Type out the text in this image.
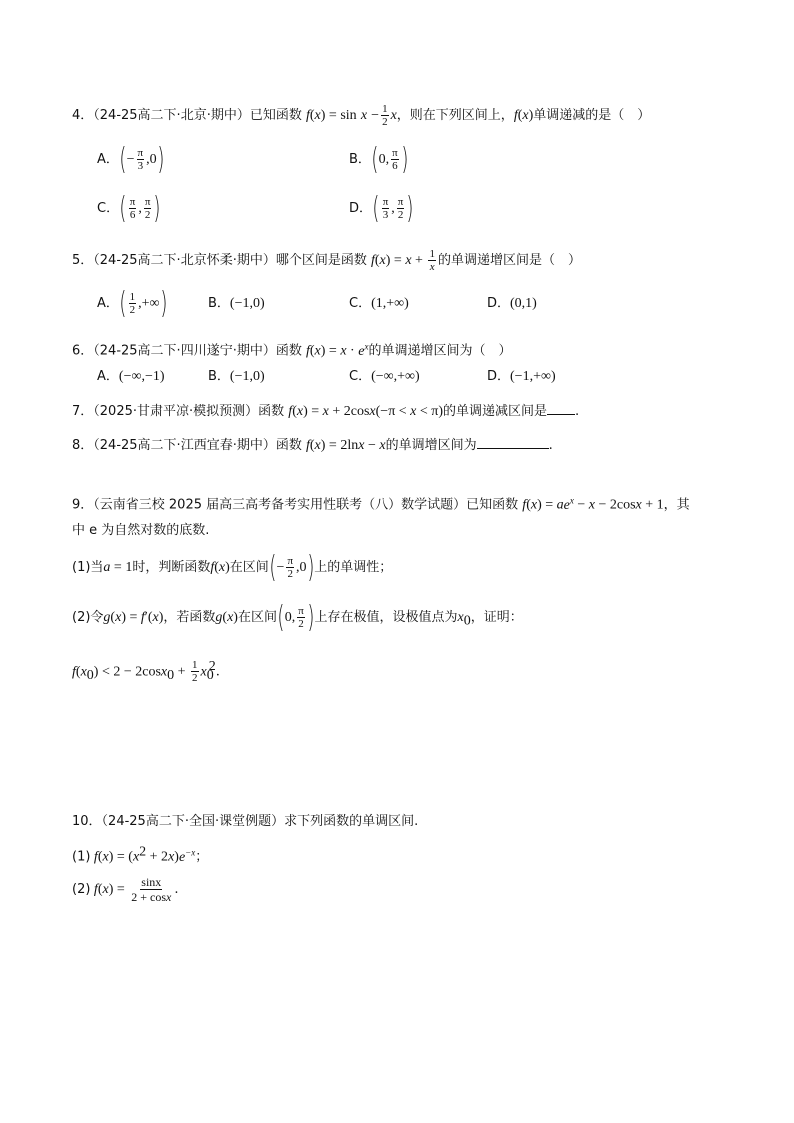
4．（24-25高二下·北京·期中）已知函数 $f(x) = \sin x - \frac{1}{2}$ x，则在下列区间上，f(x)单调递减的是（　）
A．(− $\frac{\pi}{3} ,0$)	B．(0, $\frac{\pi}{6}$ )
C．( $\frac{\pi}{6}$ , $\frac{\pi}{2}$ )	D．( $\frac{\pi}{3}$ , $\frac{\pi}{2}$ )
5．（24-25高二下·北京怀柔·期中）哪个区间是函数 $f(x) = x + \frac{1}{x}$ 的单调递增区间是（　）
A．( $\frac{1}{2}$ ,+∞)	B．(−1,0)	C．(1,+∞)	D．(0,1)
6．（24-25高二下·四川遂宁·期中）函数 $f(x) = x \cdot e^x$的单调递增区间为（　）
A．(−∞,−1)	B．(−1,0)	C．(−∞,+∞)	D．(−1,+∞)
7．（2025·甘肃平凉·模拟预测）函数 f(x) = x + 2cosx(−π < x < π)的单调递减区间是 .
8．（24-25高二下·江西宜春·期中）函数 f(x) = 2lnx − x的单调增区间为	.
9．（云南省三校 2025 届高三高考备考实用性联考（八）数学试题）已知函数 $f(x) = ae^x - x - 2\cos x + 1$，其
中 e 为自然对数的底数.
(1)当a = 1时，判断函数f(x)在区间(− $\frac{\pi}{2} ,0$)上的单调性；
(2)令g(x) = f′(x)，若函数g(x)在区间(0, $\frac{\pi}{2}$ )上存在极值，设极值点为$x_0$，证明：
$f(x_0) < 2 - 2\cos x_0 + \frac{1}{2} x_0^2$.
10．（24-25高二下·全国·课堂例题）求下列函数的单调区间.
(1) $f(x) = (x^2 + 2x)e^{-x}$；
(2) $f(x) = \frac{\sin x}{2 + \cos x}$ .
